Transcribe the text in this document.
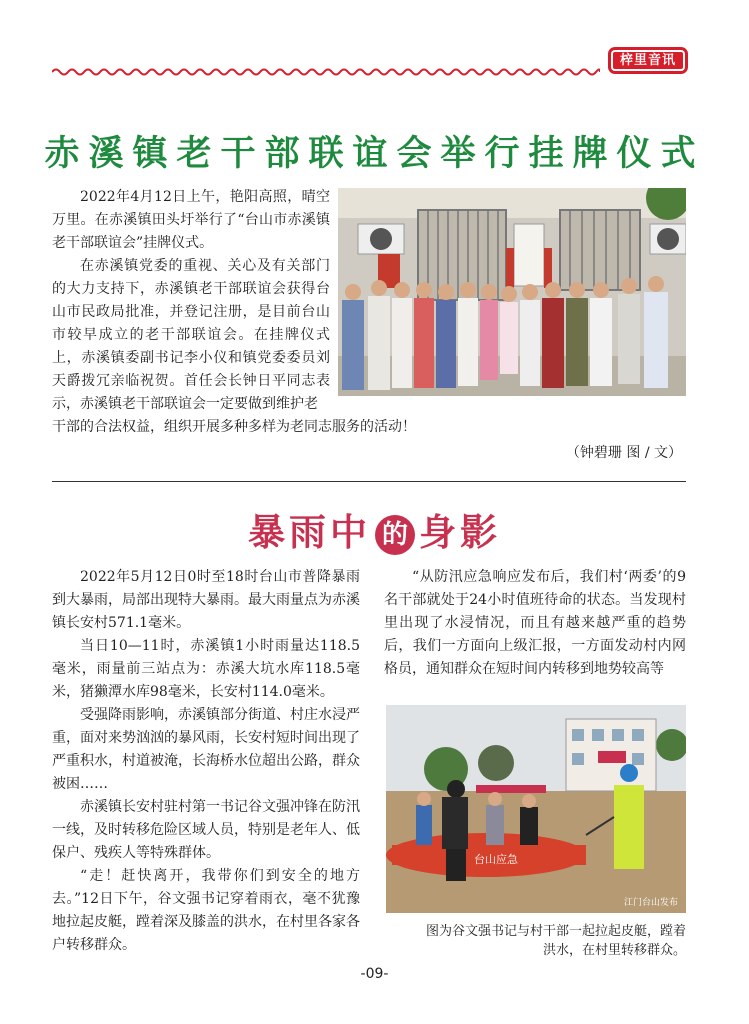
梓里音讯
赤溪镇老干部联谊会举行挂牌仪式

2022年4月12日上午，艳阳高照，晴空万里。在赤溪镇田头圩举行了“台山市赤溪镇老干部联谊会”挂牌仪式。

在赤溪镇党委的重视、关心及有关部门的大力支持下，赤溪镇老干部联谊会获得台山市民政局批准，并登记注册，是目前台山市较早成立的老干部联谊会。在挂牌仪式上，赤溪镇委副书记李小仪和镇党委委员刘天爵拨冗亲临祝贺。首任会长钟日平同志表示，赤溪镇老干部联谊会一定要做到维护老

干部的合法权益，组织开展多种多样为老同志服务的活动！

（钟碧珊 图 / 文）
暴雨中 的 身影

2022年5月12日0时至18时台山市普降暴雨到大暴雨，局部出现特大暴雨。最大雨量点为赤溪镇长安村571.1毫米。

当日10—11时，赤溪镇1小时雨量达118.5毫米，雨量前三站点为：赤溪大坑水库118.5毫米，猪獭潭水库98毫米，长安村114.0毫米。

受强降雨影响，赤溪镇部分街道、村庄水浸严重，面对来势汹汹的暴风雨，长安村短时间出现了严重积水，村道被淹，长海桥水位超出公路，群众被困……

赤溪镇长安村驻村第一书记谷文强冲锋在防汛一线，及时转移危险区域人员，特别是老年人、低保户、残疾人等特殊群体。

“走！赶快离开，我带你们到安全的地方去。”12日下午，谷文强书记穿着雨衣，毫不犹豫地拉起皮艇，蹚着深及膝盖的洪水，在村里各家各户转移群众。

“从防汛应急响应发布后，我们村‘两委’的9名干部就处于24小时值班待命的状态。当发现村里出现了水浸情况，而且有越来越严重的趋势后，我们一方面向上级汇报，一方面发动村内网格员，通知群众在短时间内转移到地势较高等

台山应急
江门台山发布
图为谷文强书记与村干部一起拉起皮艇，蹚着洪水，在村里转移群众。
-09-
